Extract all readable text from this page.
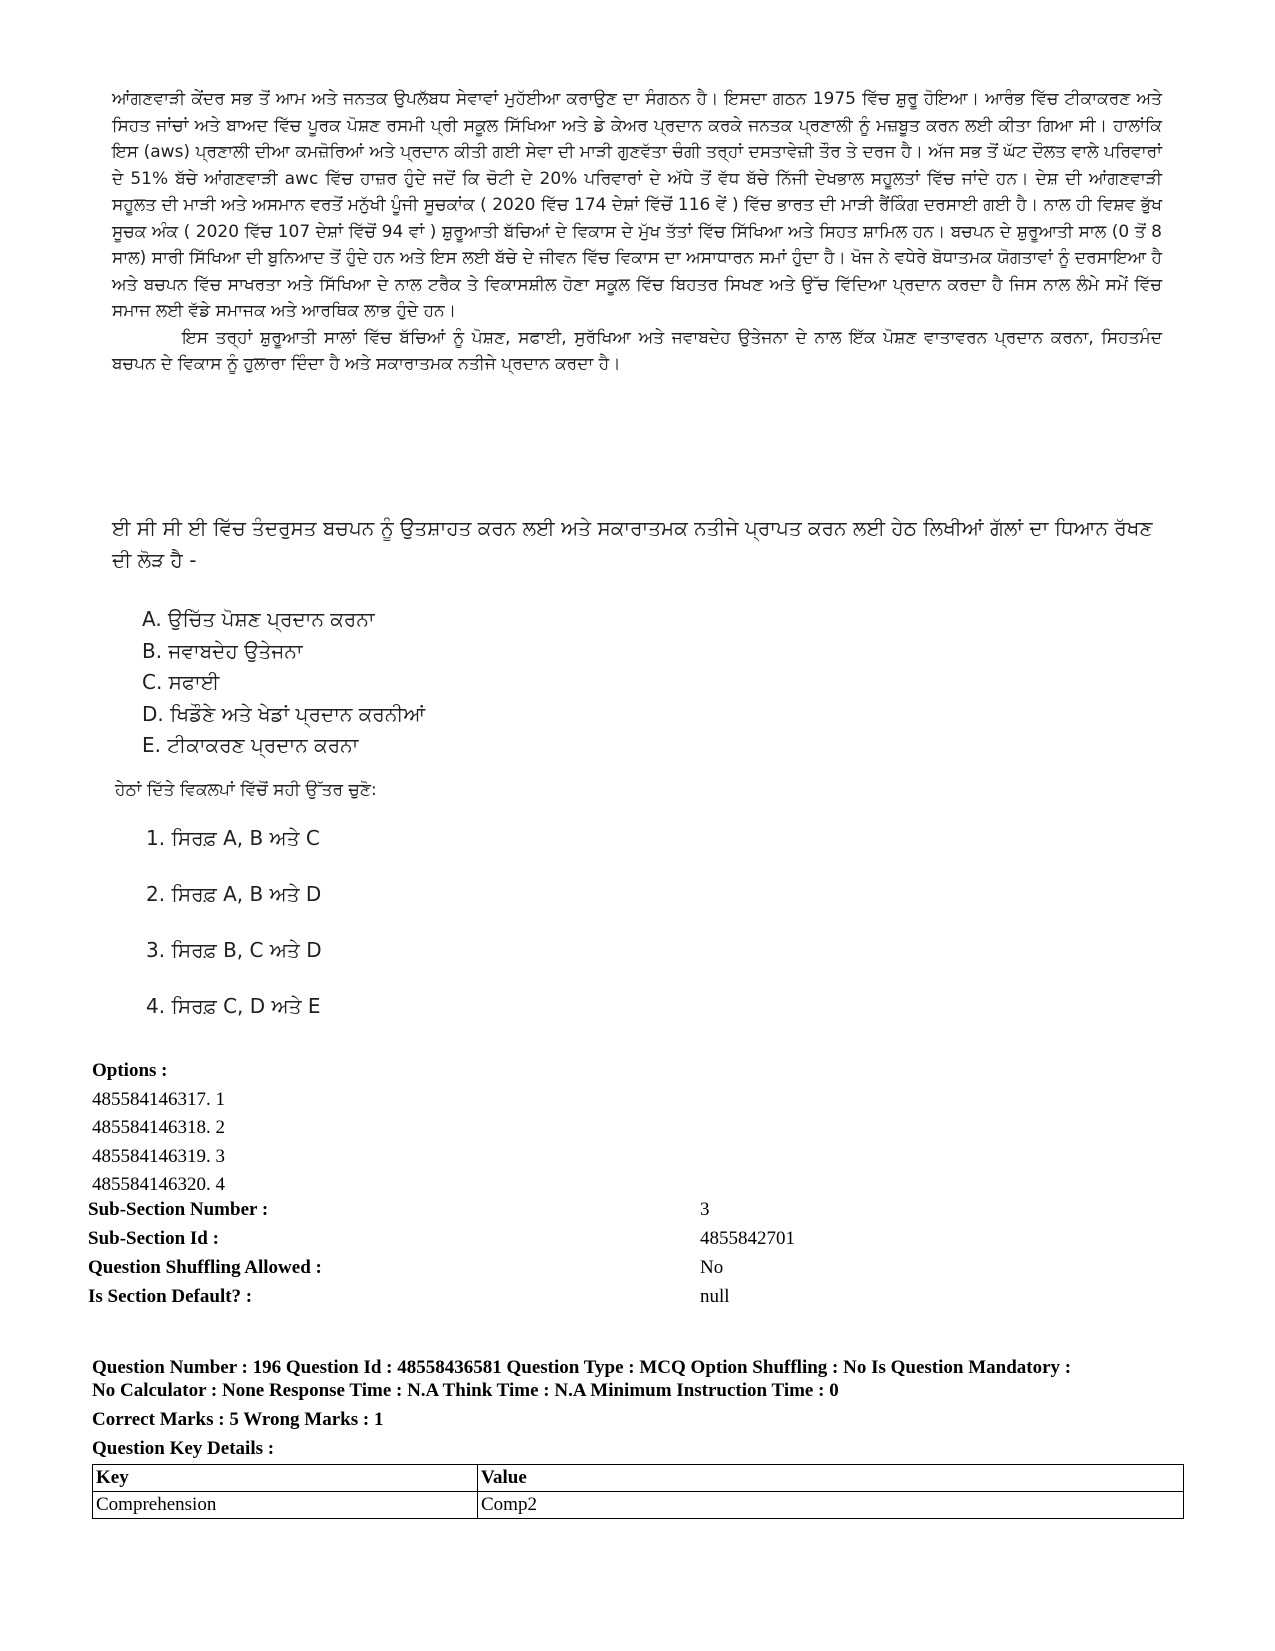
ਆਂਗਣਵਾੜੀ ਕੇਂਦਰ ਸਭ ਤੋਂ ਆਮ ਅਤੇ ਜਨਤਕ ਉਪਲੱਬਧ ਸੇਵਾਵਾਂ ਮੁਹੱਈਆ ਕਰਾਉਣ ਦਾ ਸੰਗਠਨ ਹੈ। ਇਸਦਾ ਗਠਨ 1975 ਵਿੱਚ ਸ਼ੁਰੂ ਹੋਇਆ। ਆਰੰਭ ਵਿੱਚ ਟੀਕਾਕਰਣ ਅਤੇ ਸਿਹਤ ਜਾਂਚਾਂ ਅਤੇ ਬਾਅਦ ਵਿੱਚ ਪੂਰਕ ਪੋਸ਼ਣ ਰਸਮੀ ਪ੍ਰੀ ਸਕੂਲ ਸਿੱਖਿਆ ਅਤੇ ਡੇ ਕੇਅਰ ਪ੍ਰਦਾਨ ਕਰਕੇ ਜਨਤਕ ਪ੍ਰਣਾਲੀ ਨੂੰ ਮਜ਼ਬੂਤ ਕਰਨ ਲਈ ਕੀਤਾ ਗਿਆ ਸੀ। ਹਾਲਾਂਕਿ ਇਸ (aws) ਪ੍ਰਣਾਲੀ ਦੀਆ ਕਮਜ਼ੋਰਿਆਂ ਅਤੇ ਪ੍ਰਦਾਨ ਕੀਤੀ ਗਈ ਸੇਵਾ ਦੀ ਮਾੜੀ ਗੁਣਵੱਤਾ ਚੰਗੀ ਤਰ੍ਹਾਂ ਦਸਤਾਵੇਜ਼ੀ ਤੌਰ ਤੇ ਦਰਜ ਹੈ। ਅੱਜ ਸਭ ਤੋਂ ਘੱਟ ਦੌਲਤ ਵਾਲੇ ਪਰਿਵਾਰਾਂ ਦੇ 51% ਬੱਚੇ ਆਂਗਣਵਾੜੀ awc ਵਿੱਚ ਹਾਜ਼ਰ ਹੁੰਦੇ ਜਦੋਂ ਕਿ ਚੋਟੀ ਦੇ 20% ਪਰਿਵਾਰਾਂ ਦੇ ਅੱਧੇ ਤੋਂ ਵੱਧ ਬੱਚੇ ਨਿੱਜੀ ਦੇਖਭਾਲ ਸਹੂਲਤਾਂ ਵਿੱਚ ਜਾਂਦੇ ਹਨ। ਦੇਸ਼ ਦੀ ਆਂਗਣਵਾੜੀ ਸਹੂਲਤ ਦੀ ਮਾੜੀ ਅਤੇ ਅਸਮਾਨ ਵਰਤੋਂ ਮਨੁੱਖੀ ਪੂੰਜੀ ਸੂਚਕਾਂਕ ( 2020 ਵਿੱਚ 174 ਦੇਸ਼ਾਂ ਵਿੱਚੋਂ 116 ਵੇਂ ) ਵਿੱਚ ਭਾਰਤ ਦੀ ਮਾੜੀ ਰੈਂਕਿੰਗ ਦਰਸਾਈ ਗਈ ਹੈ। ਨਾਲ ਹੀ ਵਿਸ਼ਵ ਭੁੱਖ ਸੂਚਕ ਅੰਕ ( 2020 ਵਿੱਚ 107 ਦੇਸ਼ਾਂ ਵਿੱਚੋਂ 94 ਵਾਂ ) ਸ਼ੁਰੂਆਤੀ ਬੱਚਿਆਂ ਦੇ ਵਿਕਾਸ ਦੇ ਮੁੱਖ ਤੱਤਾਂ ਵਿੱਚ ਸਿੱਖਿਆ ਅਤੇ ਸਿਹਤ ਸ਼ਾਮਿਲ ਹਨ। ਬਚਪਨ ਦੇ ਸ਼ੁਰੂਆਤੀ ਸਾਲ (0 ਤੋਂ 8 ਸਾਲ) ਸਾਰੀ ਸਿੱਖਿਆ ਦੀ ਬੁਨਿਆਦ ਤੋਂ ਹੁੰਦੇ ਹਨ ਅਤੇ ਇਸ ਲਈ ਬੱਚੇ ਦੇ ਜੀਵਨ ਵਿੱਚ ਵਿਕਾਸ ਦਾ ਅਸਾਧਾਰਨ ਸਮਾਂ ਹੁੰਦਾ ਹੈ। ਖੋਜ ਨੇ ਵਧੇਰੇ ਬੋਧਾਤਮਕ ਯੋਗਤਾਵਾਂ ਨੂੰ ਦਰਸਾਇਆ ਹੈ ਅਤੇ ਬਚਪਨ ਵਿੱਚ ਸਾਖਰਤਾ ਅਤੇ ਸਿੱਖਿਆ ਦੇ ਨਾਲ ਟਰੈਕ ਤੇ ਵਿਕਾਸਸ਼ੀਲ ਹੋਣਾ ਸਕੂਲ ਵਿੱਚ ਬਿਹਤਰ ਸਿਖਣ ਅਤੇ ਉੱਚ ਵਿੱਦਿਆ ਪ੍ਰਦਾਨ ਕਰਦਾ ਹੈ ਜਿਸ ਨਾਲ ਲੰਮੇ ਸਮੇਂ ਵਿੱਚ ਸਮਾਜ ਲਈ ਵੱਡੇ ਸਮਾਜਕ ਅਤੇ ਆਰਥਿਕ ਲਾਭ ਹੁੰਦੇ ਹਨ।

ਇਸ ਤਰ੍ਹਾਂ ਸ਼ੁਰੂਆਤੀ ਸਾਲਾਂ ਵਿੱਚ ਬੱਚਿਆਂ ਨੂੰ ਪੋਸ਼ਣ, ਸਫਾਈ, ਸੁਰੱਖਿਆ ਅਤੇ ਜਵਾਬਦੇਹ ਉਤੇਜਨਾ ਦੇ ਨਾਲ ਇੱਕ ਪੋਸ਼ਣ ਵਾਤਾਵਰਨ ਪ੍ਰਦਾਨ ਕਰਨਾ, ਸਿਹਤਮੰਦ ਬਚਪਨ ਦੇ ਵਿਕਾਸ ਨੂੰ ਹੁਲਾਰਾ ਦਿੰਦਾ ਹੈ ਅਤੇ ਸਕਾਰਾਤਮਕ ਨਤੀਜੇ ਪ੍ਰਦਾਨ ਕਰਦਾ ਹੈ।

ਈ ਸੀ ਸੀ ਈ ਵਿੱਚ ਤੰਦਰੁਸਤ ਬਚਪਨ ਨੂੰ ਉਤਸ਼ਾਹਤ ਕਰਨ ਲਈ ਅਤੇ ਸਕਾਰਾਤਮਕ ਨਤੀਜੇ ਪ੍ਰਾਪਤ ਕਰਨ ਲਈ ਹੇਠ ਲਿਖੀਆਂ ਗੱਲਾਂ ਦਾ ਧਿਆਨ ਰੱਖਣ ਦੀ ਲੋੜ ਹੈ -
A. ਉਚਿੱਤ ਪੋਸ਼ਣ ਪ੍ਰਦਾਨ ਕਰਨਾ
B. ਜਵਾਬਦੇਹ ਉਤੇਜਨਾ
C. ਸਫਾਈ
D. ਖਿਡੌਣੇ ਅਤੇ ਖੇਡਾਂ ਪ੍ਰਦਾਨ ਕਰਨੀਆਂ
E. ਟੀਕਾਕਰਣ ਪ੍ਰਦਾਨ ਕਰਨਾ
ਹੇਠਾਂ ਦਿੱਤੇ ਵਿਕਲਪਾਂ ਵਿੱਚੋਂ ਸਹੀ ਉੱਤਰ ਚੁਣੋ:
1. ਸਿਰਫ਼ A, B ਅਤੇ C
2. ਸਿਰਫ਼ A, B ਅਤੇ D
3. ਸਿਰਫ਼ B, C ਅਤੇ D
4. ਸਿਰਫ਼ C, D ਅਤੇ E
Options :
485584146317. 1
485584146318. 2
485584146319. 3
485584146320. 4
Sub-Section Number :	3
Sub-Section Id :	4855842701
Question Shuffling Allowed :	No
Is Section Default? :	null
Question Number : 196 Question Id : 48558436581 Question Type : MCQ Option Shuffling : No Is Question Mandatory :
No Calculator : None Response Time : N.A Think Time : N.A Minimum Instruction Time : 0
Correct Marks : 5 Wrong Marks : 1
Question Key Details :
Key	Value
Comprehension	Comp2
